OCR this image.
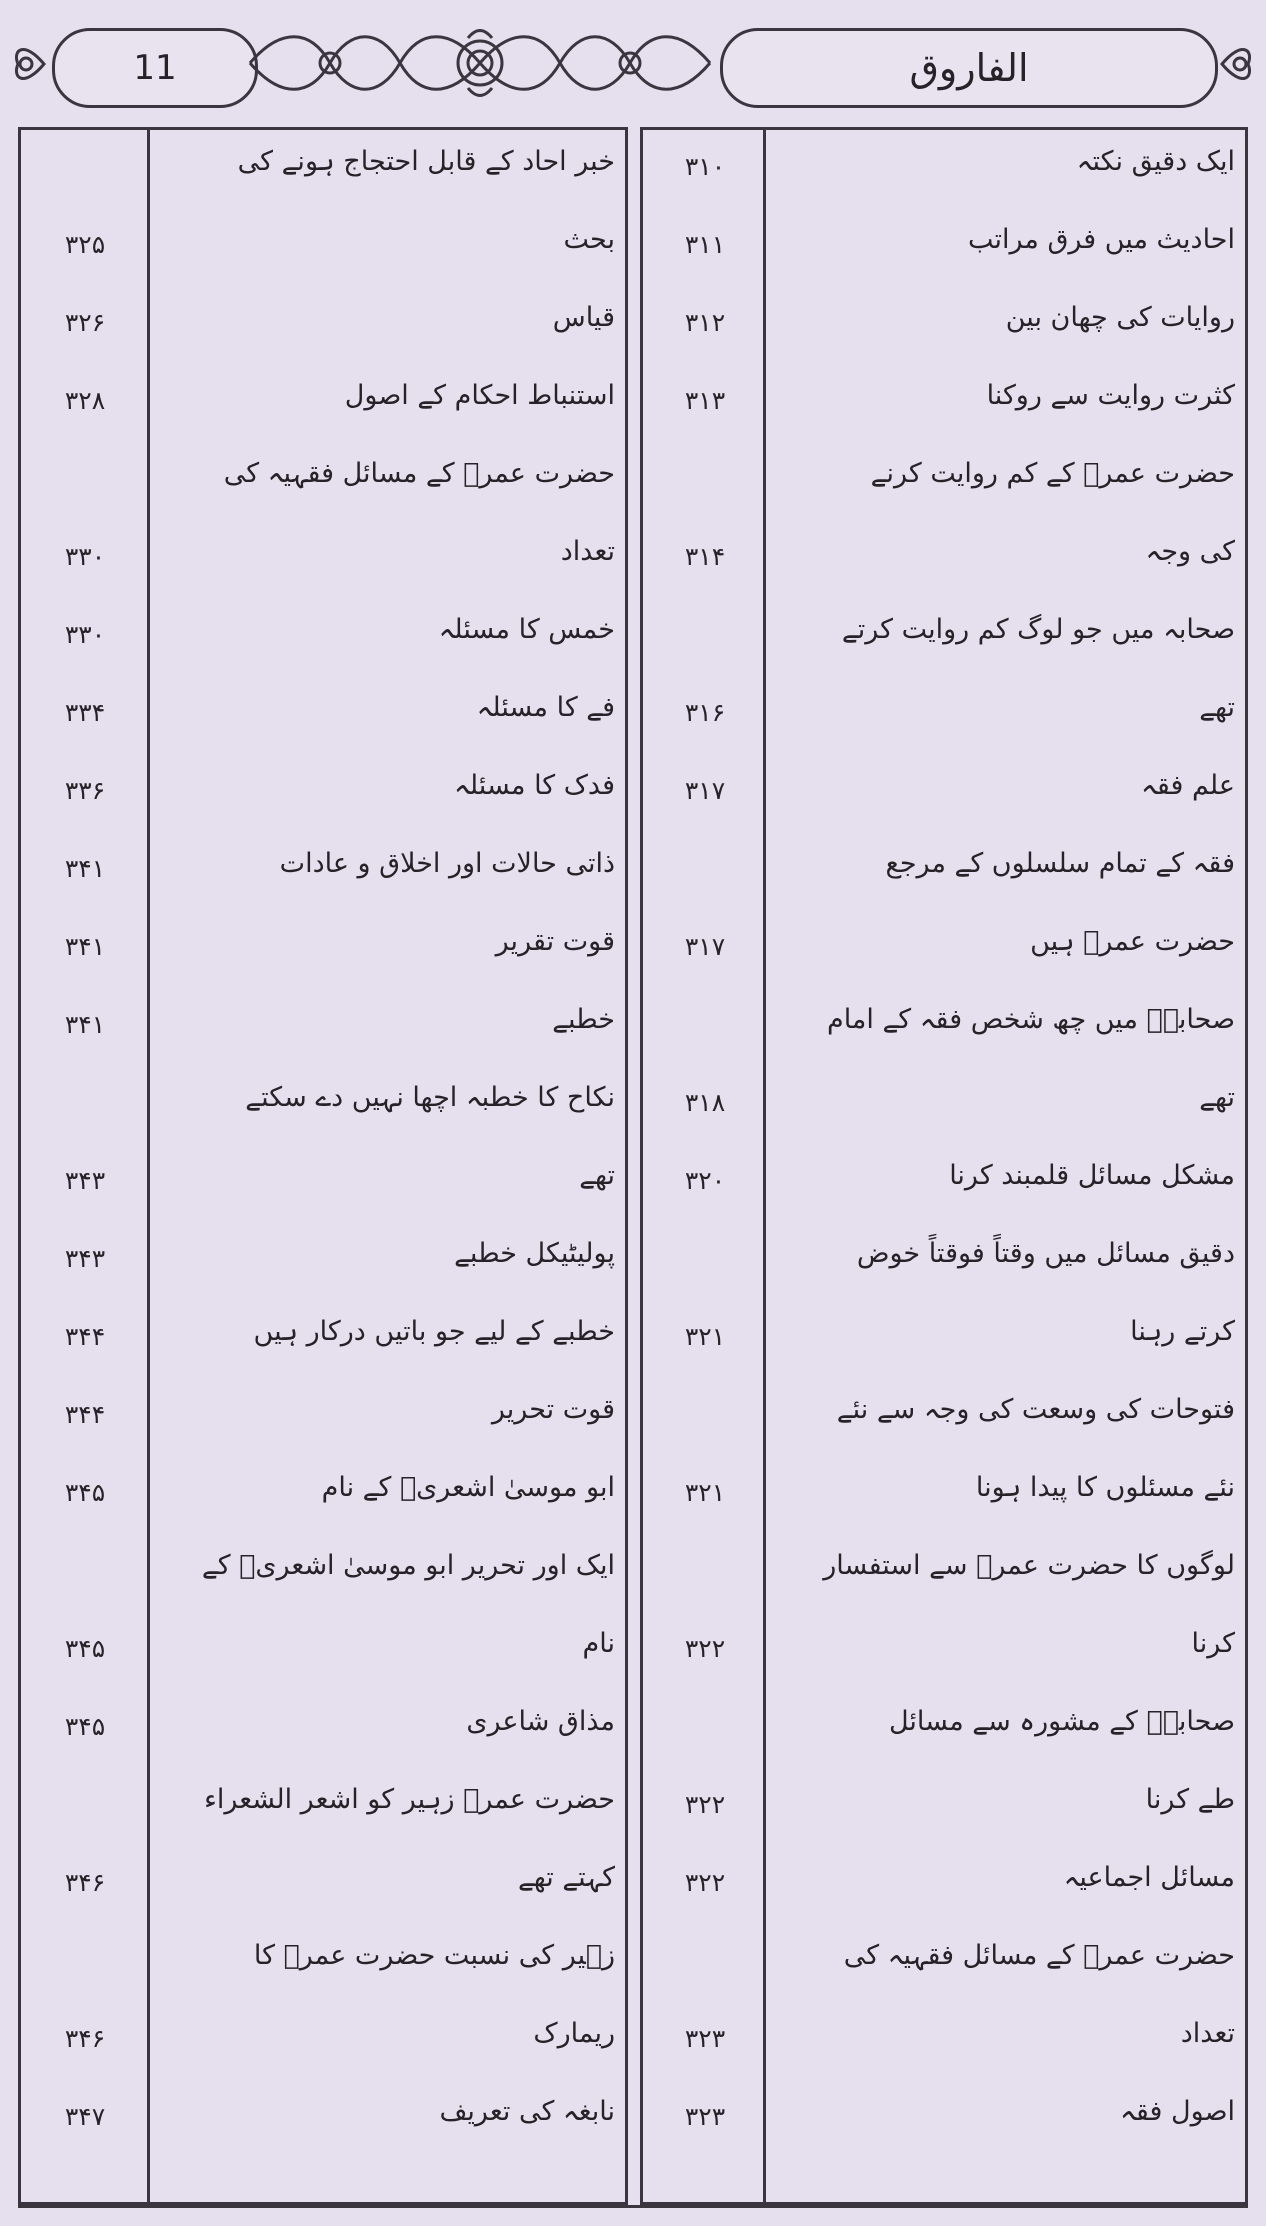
الفاروق
11
ایک دقیق نکتہ
۳۱۰
احادیث میں فرق مراتب
۳۱۱
روایات کی چھان بین
۳۱۲
کثرت روایت سے روکنا
۳۱۳
حضرت عمرؓ کے کم روایت کرنے
کی وجہ
۳۱۴
صحابہ میں جو لوگ کم روایت کرتے
تھے
۳۱۶
علم فقہ
۳۱۷
فقہ کے تمام سلسلوں کے مرجع
حضرت عمرؓ ہیں
۳۱۷
صحابہؓ میں چھ شخص فقہ کے امام
تھے
۳۱۸
مشکل مسائل قلمبند کرنا
۳۲۰
دقیق مسائل میں وقتاً فوقتاً خوض
کرتے رہنا
۳۲۱
فتوحات کی وسعت کی وجہ سے نئے
نئے مسئلوں کا پیدا ہونا
۳۲۱
لوگوں کا حضرت عمرؓ سے استفسار
کرنا
۳۲۲
صحابہؓ کے مشورہ سے مسائل
طے کرنا
۳۲۲
مسائل اجماعیہ
۳۲۲
حضرت عمرؓ کے مسائل فقہیہ کی
تعداد
۳۲۳
اصول فقہ
۳۲۳
خبر احاد کے قابل احتجاج ہونے کی
بحث
۳۲۵
قیاس
۳۲۶
استنباط احکام کے اصول
۳۲۸
حضرت عمرؓ کے مسائل فقہیہ کی
تعداد
۳۳۰
خمس کا مسئلہ
۳۳۰
فے کا مسئلہ
۳۳۴
فدک کا مسئلہ
۳۳۶
ذاتی حالات اور اخلاق و عادات
۳۴۱
قوت تقریر
۳۴۱
خطبے
۳۴۱
نکاح کا خطبہ اچھا نہیں دے سکتے
تھے
۳۴۳
پولیٹیکل خطبے
۳۴۳
خطبے کے لیے جو باتیں درکار ہیں
۳۴۴
قوت تحریر
۳۴۴
ابو موسیٰ اشعریؓ کے نام
۳۴۵
ایک اور تحریر ابو موسیٰ اشعریؓ کے
نام
۳۴۵
مذاق شاعری
۳۴۵
حضرت عمرؓ زہیر کو اشعر الشعراء
کہتے تھے
۳۴۶
زہیر کی نسبت حضرت عمرؓ کا
ریمارک
۳۴۶
نابغہ کی تعریف
۳۴۷
